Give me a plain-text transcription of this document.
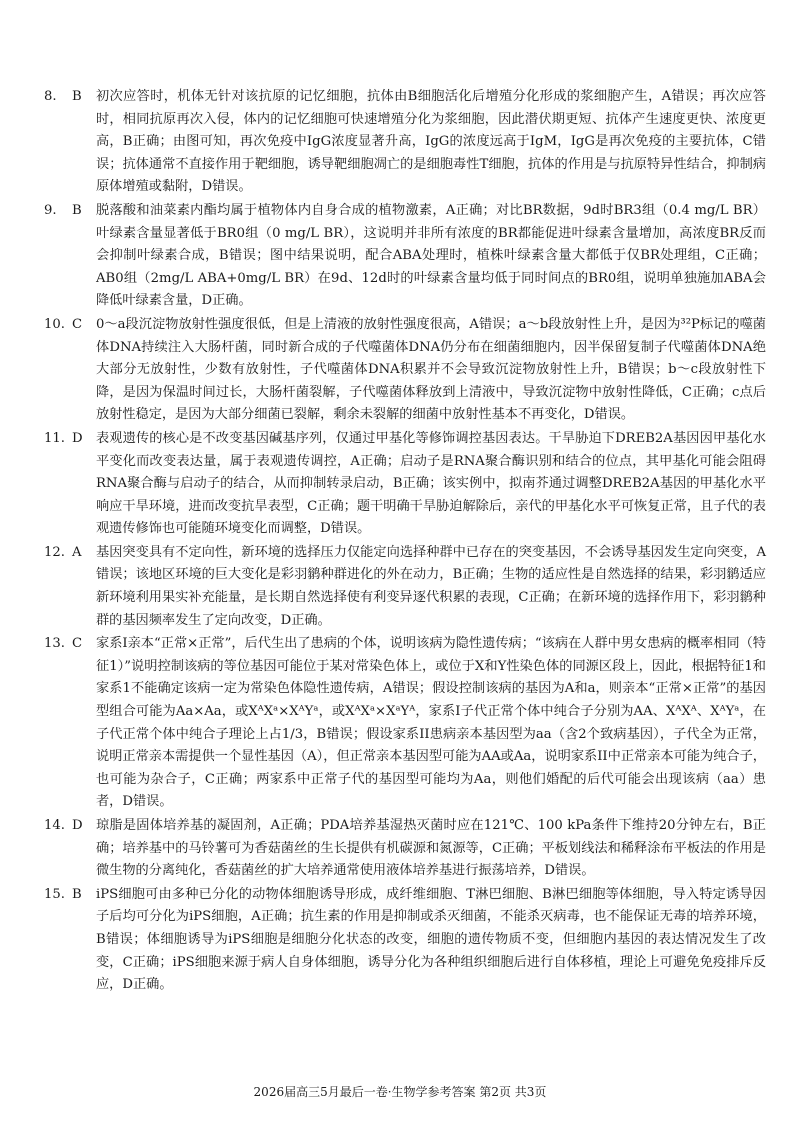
8.	B	初次应答时，机体无针对该抗原的记忆细胞，抗体由B细胞活化后增殖分化形成的浆细胞产生，A错误；再次应答时，相同抗原再次入侵，体内的记忆细胞可快速增殖分化为浆细胞，因此潜伏期更短、抗体产生速度更快、浓度更高，B正确；由图可知，再次免疫中IgG浓度显著升高，IgG的浓度远高于IgM，IgG是再次免疫的主要抗体，C错误；抗体通常不直接作用于靶细胞，诱导靶细胞凋亡的是细胞毒性T细胞，抗体的作用是与抗原特异性结合，抑制病原体增殖或黏附，D错误。
9.	B	脱落酸和油菜素内酯均属于植物体内自身合成的植物激素，A正确；对比BR数据，9d时BR3组（0.4 mg/L BR）叶绿素含量显著低于BR0组（0 mg/L BR），这说明并非所有浓度的BR都能促进叶绿素含量增加，高浓度BR反而会抑制叶绿素合成，B错误；图中结果说明，配合ABA处理时，植株叶绿素含量大都低于仅BR处理组，C正确；AB0组（2mg/L ABA+0mg/L BR）在9d、12d时的叶绿素含量均低于同时间点的BR0组，说明单独施加ABA会降低叶绿素含量，D正确。
10. C	0～a段沉淀物放射性强度很低，但是上清液的放射性强度很高，A错误；a～b段放射性上升，是因为³²P标记的噬菌体DNA持续注入大肠杆菌，同时新合成的子代噬菌体DNA仍分布在细菌细胞内，因半保留复制子代噬菌体DNA绝大部分无放射性，少数有放射性，子代噬菌体DNA积累并不会导致沉淀物放射性上升，B错误；b～c段放射性下降，是因为保温时间过长，大肠杆菌裂解，子代噬菌体释放到上清液中，导致沉淀物中放射性降低，C正确；c点后放射性稳定，是因为大部分细菌已裂解，剩余未裂解的细菌中放射性基本不再变化，D错误。
11. D	表观遗传的核心是不改变基因碱基序列，仅通过甲基化等修饰调控基因表达。干旱胁迫下DREB2A基因因甲基化水平变化而改变表达量，属于表观遗传调控，A正确；启动子是RNA聚合酶识别和结合的位点，其甲基化可能会阻碍RNA聚合酶与启动子的结合，从而抑制转录启动，B正确；该实例中，拟南芥通过调整DREB2A基因的甲基化水平响应干旱环境，进而改变抗旱表型，C正确；题干明确干旱胁迫解除后，亲代的甲基化水平可恢复正常，且子代的表观遗传修饰也可能随环境变化而调整，D错误。
12. A	基因突变具有不定向性，新环境的选择压力仅能定向选择种群中已存在的突变基因，不会诱导基因发生定向突变，A错误；该地区环境的巨大变化是彩羽鹟种群进化的外在动力，B正确；生物的适应性是自然选择的结果，彩羽鹟适应新环境利用果实补充能量，是长期自然选择使有利变异逐代积累的表现，C正确；在新环境的选择作用下，彩羽鹟种群的基因频率发生了定向改变，D正确。
13. C	家系I亲本“正常×正常”，后代生出了患病的个体，说明该病为隐性遗传病；“该病在人群中男女患病的概率相同（特征1）”说明控制该病的等位基因可能位于某对常染色体上，或位于X和Y性染色体的同源区段上，因此，根据特征1和家系1不能确定该病一定为常染色体隐性遗传病，A错误；假设控制该病的基因为A和a，则亲本“正常×正常”的基因型组合可能为Aa×Aa，或XᴬXᵃ×XᴬYᵃ，或XᴬXᵃ×XᵃYᴬ，家系I子代正常个体中纯合子分别为AA、XᴬXᴬ、XᴬYᵃ，在子代正常个体中纯合子理论上占1/3，B错误；假设家系II患病亲本基因型为aa（含2个致病基因），子代全为正常，说明正常亲本需提供一个显性基因（A），但正常亲本基因型可能为AA或Aa，说明家系II中正常亲本可能为纯合子，也可能为杂合子，C正确；两家系中正常子代的基因型可能均为Aa，则他们婚配的后代可能会出现该病（aa）患者，D错误。
14. D	琼脂是固体培养基的凝固剂，A正确；PDA培养基湿热灭菌时应在121℃、100 kPa条件下维持20分钟左右，B正确；培养基中的马铃薯可为香菇菌丝的生长提供有机碳源和氮源等，C正确；平板划线法和稀释涂布平板法的作用是微生物的分离纯化，香菇菌丝的扩大培养通常使用液体培养基进行振荡培养，D错误。
15. B	iPS细胞可由多种已分化的动物体细胞诱导形成，成纤维细胞、T淋巴细胞、B淋巴细胞等体细胞，导入特定诱导因子后均可分化为iPS细胞，A正确；抗生素的作用是抑制或杀灭细菌，不能杀灭病毒，也不能保证无毒的培养环境，B错误；体细胞诱导为iPS细胞是细胞分化状态的改变，细胞的遗传物质不变，但细胞内基因的表达情况发生了改变，C正确；iPS细胞来源于病人自身体细胞，诱导分化为各种组织细胞后进行自体移植，理论上可避免免疫排斥反应，D正确。
2026届高三5月最后一卷·生物学参考答案 第2页 共3页
